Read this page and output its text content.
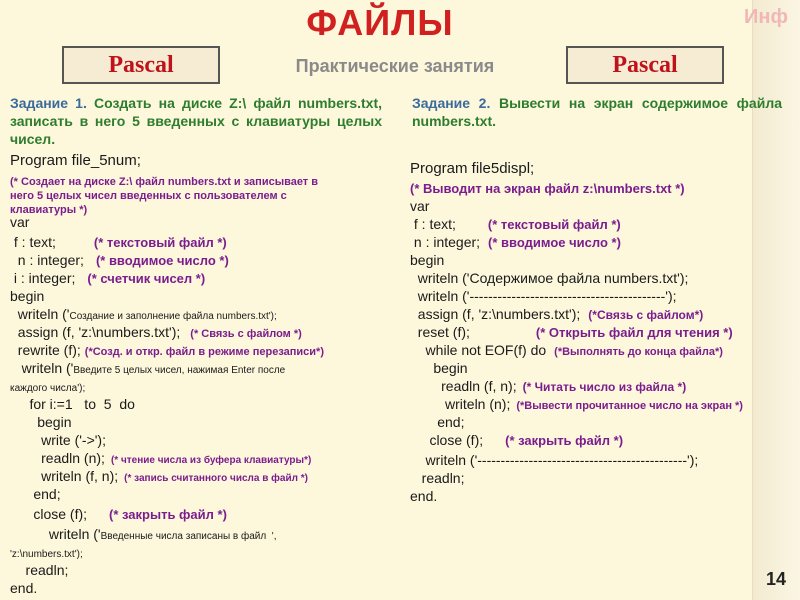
ФАЙЛЫ	Инф
Pascal	Практические занятия	Pascal
Задание 1. Создать на диске Z:\ файл numbers.txt, записать в него 5 введенных с клавиатуры целых чисел.
Задание 2. Вывести на экран содержимое файла numbers.txt.
Program file_5num;
(* Создает на диске Z:\ файл numbers.txt и записывает в
него 5 целых чисел введенных с пользователем с
клавиатуры *)
var
f : text;	(* текстовый файл *)
n : integer; (* вводимое число *)
i : integer; (* счетчик чисел *)
begin
writeln ('Создание и заполнение файла numbers.txt');
assign (f, 'z:\numbers.txt'); (* Связь с файлом *)
rewrite (f); (*Созд. и откр. файл в режиме перезаписи*)
writeln ('Введите 5 целых чисел, нажимая Enter после
каждого числа');
for i:=1   to  5  do
begin
write ('->');
readln (n); (* чтение числа из буфера клавиатуры*)
writeln (f, n); (* запись считанного числа в файл *)
end;
close (f); (* закрыть файл *)
writeln ('Введенные числа записаны в файл  ',
'z:\numbers.txt');
readln;
end.
Program file5displ;
(* Выводит на экран файл z:\numbers.txt *)
var
f : text; (* текстовый файл *)
n : integer; (* вводимое число *)
begin
writeln ('Содержимое файла numbers.txt');
writeln ('------------------------------------------');
assign (f, 'z:\numbers.txt'); (*Связь с файлом*)
reset (f);	(* Открыть файл для чтения *)
while not EOF(f) do (*Выполнять до конца файла*)
begin
readln (f, n); (* Читать число из файла *)
writeln (n); (*Вывести прочитанное число на экран *)
end;
close (f); (* закрыть файл *)
writeln ('---------------------------------------------');
readln;
end.
14
